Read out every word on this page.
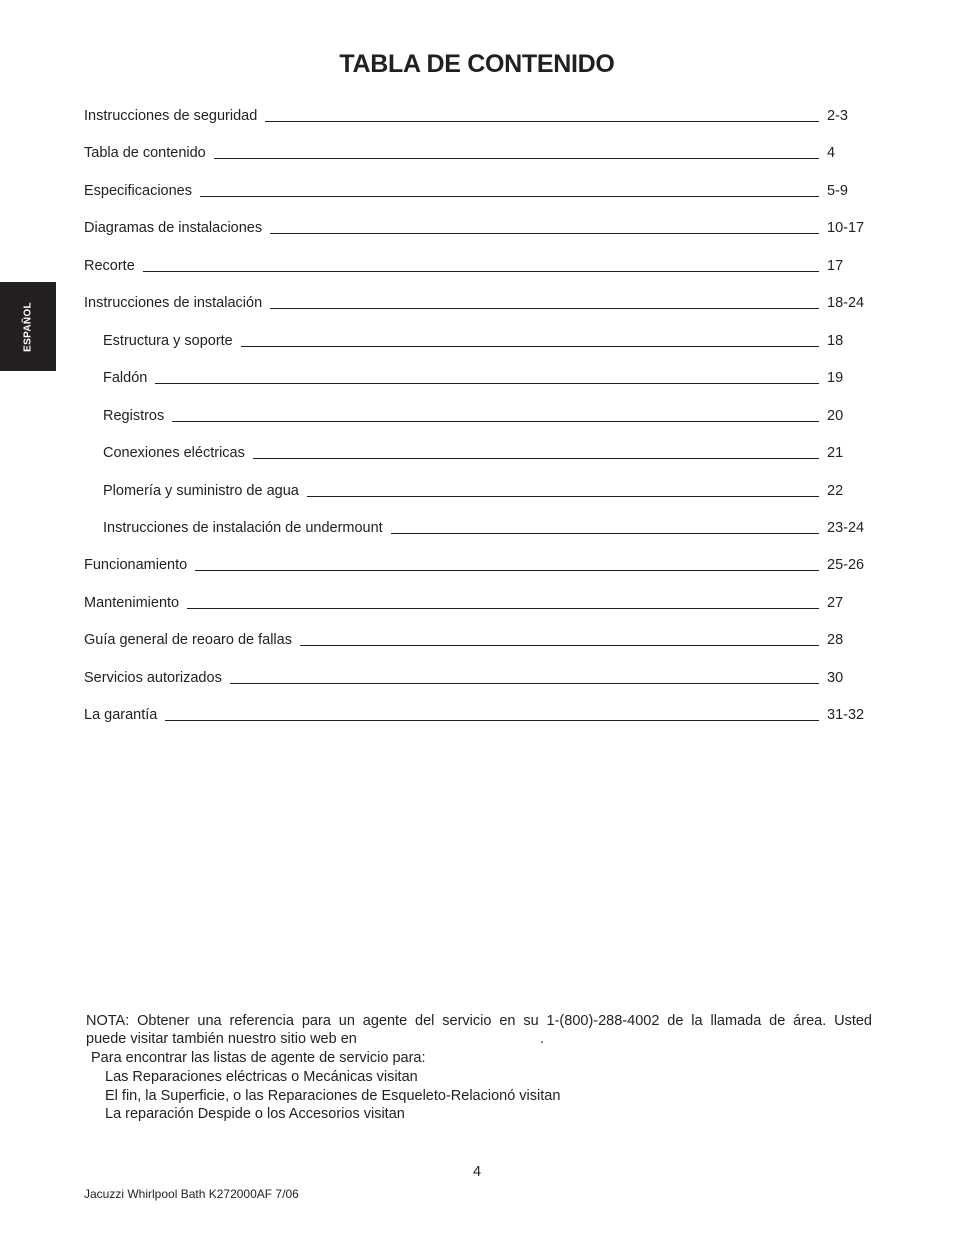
TABLA DE CONTENIDO
ESPAÑOL
Instrucciones de seguridad	2-3
Tabla de contenido	4
Especificaciones	5-9
Diagramas de instalaciones	10-17
Recorte	17
Instrucciones de instalación	18-24
Estructura y soporte	18
Faldón	19
Registros	20
Conexiones eléctricas	21
Plomería y suministro de agua	22
Instrucciones de instalación de undermount	23-24
Funcionamiento	25-26
Mantenimiento	27
Guía general de reoaro de fallas	28
Servicios autorizados	30
La garantía	31-32
NOTA: Obtener una referencia para un agente del servicio en su 1-(800)-288-4002 de la llamada de área. Usted
puede visitar también nuestro sitio web en	.
Para encontrar las listas de agente de servicio para:
Las Reparaciones eléctricas o Mecánicas visitan
El fin, la Superficie, o las Reparaciones de Esqueleto-Relacionó visitan
La reparación Despide o los Accesorios visitan
4
Jacuzzi Whirlpool Bath K272000AF 7/06
